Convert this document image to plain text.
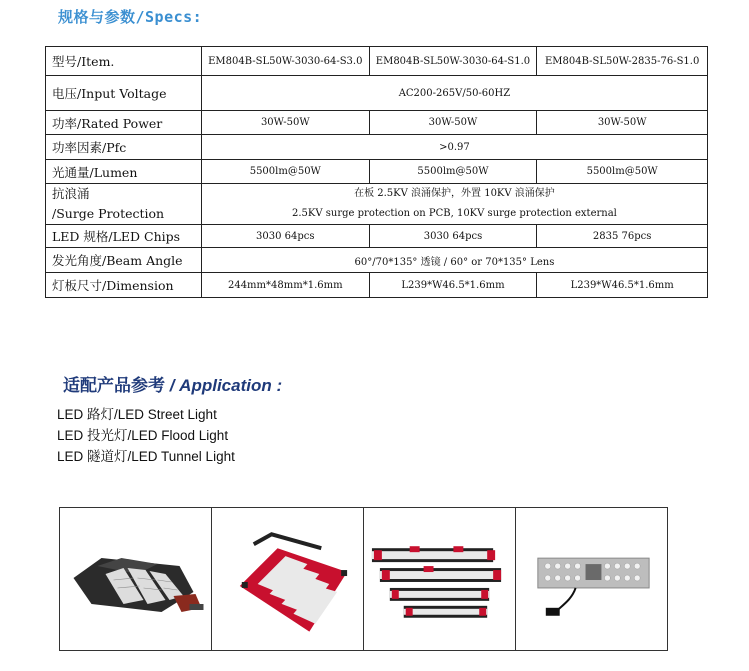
规格与参数/Specs:
型号/Item.	EM804B-SL50W-3030-64-S3.0	EM804B-SL50W-3030-64-S1.0	EM804B-SL50W-2835-76-S1.0
电压/Input Voltage	AC200-265V/50-60HZ		
功率/Rated Power	30W-50W	30W-50W	30W-50W
功率因素/Pfc	>0.97		
光通量/Lumen	5500lm@50W	5500lm@50W	5500lm@50W

抗浪涌
/Surge Protection	在板 2.5KV 浪涌保护，外置 10KV 浪涌保护
2.5KV surge protection on PCB, 10KV surge protection external		

LED 规格/LED Chips	3030 64pcs	3030 64pcs	2835 76pcs
发光角度/Beam Angle	60°/70*135° 透镜 / 60° or 70*135° Lens		
灯板尺寸/Dimension	244mm*48mm*1.6mm	L239*W46.5*1.6mm	L239*W46.5*1.6mm
适配产品参考 / Application :
LED 路灯/LED Street Light
LED 投光灯/LED Flood Light
LED 隧道灯/LED Tunnel Light
